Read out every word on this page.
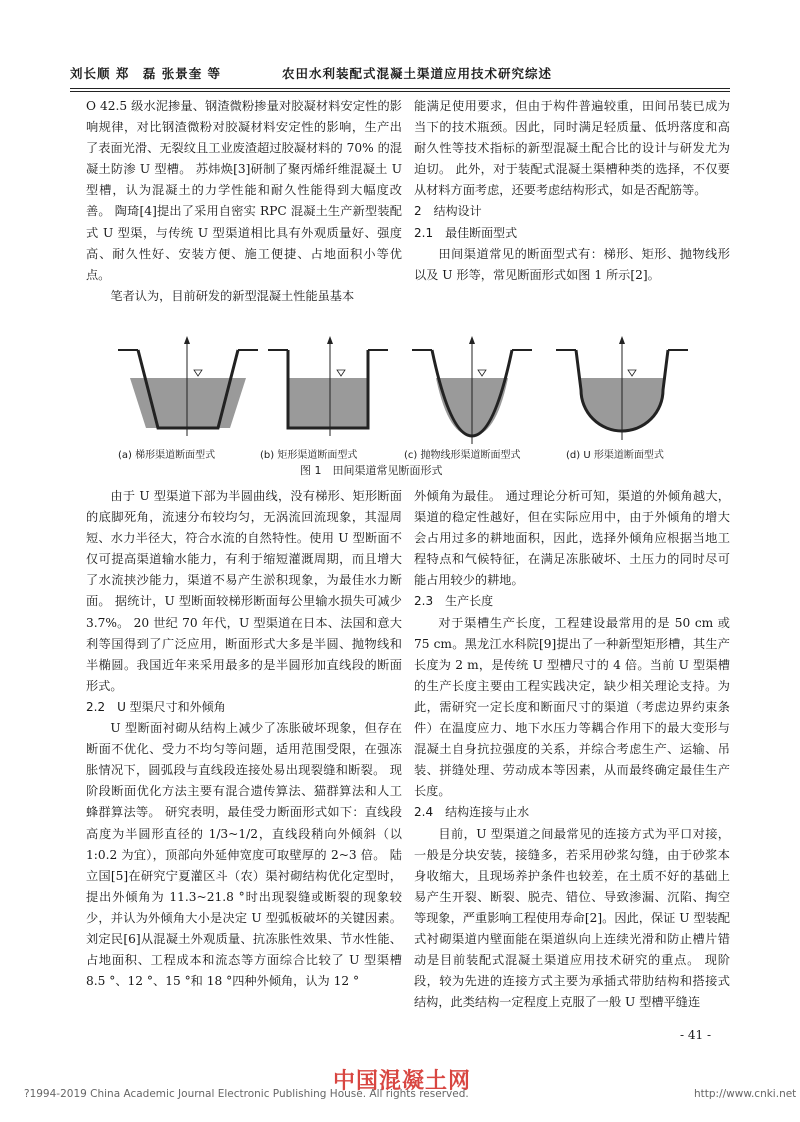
刘长顺 郑　磊 张景奎 等	农田水利装配式混凝土渠道应用技术研究综述

O 42.5 级水泥掺量、钢渣微粉掺量对胶凝材料安定性的影响规律，对比钢渣微粉对胶凝材料安定性的影响，生产出了表面光滑、无裂纹且工业废渣超过胶凝材料的 70% 的混凝土防渗 U 型槽。 苏炜焕[3]研制了聚丙烯纤维混凝土 U 型槽，认为混凝土的力学性能和耐久性能得到大幅度改善。 陶琦[4]提出了采用自密实 RPC 混凝土生产新型装配式 U 型渠，与传统 U 型渠道相比具有外观质量好、强度高、耐久性好、安装方便、施工便捷、占地面积小等优点。

笔者认为，目前研发的新型混凝土性能虽基本

能满足使用要求，但由于构件普遍较重，田间吊装已成为当下的技术瓶颈。因此，同时满足轻质量、低坍落度和高耐久性等技术指标的新型混凝土配合比的设计与研发尤为迫切。 此外，对于装配式混凝土渠槽种类的选择，不仅要从材料方面考虑，还要考虑结构形式，如是否配筋等。

2　结构设计

2.1　最佳断面型式

田间渠道常见的断面型式有：梯形、矩形、抛物线形以及 U 形等，常见断面形式如图 1 所示[2]。

(a) 梯形渠道断面型式	(b) 矩形渠道断面型式	(c) 抛物线形渠道断面型式	(d) U 形渠道断面型式
图 1　田间渠道常见断面形式

由于 U 型渠道下部为半圆曲线，没有梯形、矩形断面的底脚死角，流速分布较均匀，无涡流回流现象，其湿周短、水力半径大，符合水流的自然特性。使用 U 型断面不仅可提高渠道输水能力，有利于缩短灌溉周期，而且增大了水流挟沙能力，渠道不易产生淤积现象，为最佳水力断面。 据统计，U 型断面较梯形断面每公里输水损失可减少 3.7%。 20 世纪 70 年代，U 型渠道在日本、法国和意大利等国得到了广泛应用，断面形式大多是半圆、抛物线和半椭圆。我国近年来采用最多的是半圆形加直线段的断面形式。

2.2　U 型渠尺寸和外倾角

U 型断面衬砌从结构上减少了冻胀破坏现象，但存在断面不优化、受力不均匀等问题，适用范围受限，在强冻胀情况下，圆弧段与直线段连接处易出现裂缝和断裂。 现阶段断面优化方法主要有混合遗传算法、猫群算法和人工蜂群算法等。 研究表明，最佳受力断面形式如下：直线段高度为半圆形直径的 1/3~1/2，直线段稍向外倾斜（以 1:0.2 为宜），顶部向外延伸宽度可取壁厚的 2~3 倍。 陆立国[5]在研究宁夏灌区斗（农）渠衬砌结构优化定型时，提出外倾角为 11.3~21.8 °时出现裂缝或断裂的现象较少，并认为外倾角大小是决定 U 型弧板破坏的关键因素。 刘定民[6]从混凝土外观质量、抗冻胀性效果、节水性能、占地面积、工程成本和流态等方面综合比较了 U 型渠槽 8.5 °、12 °、15 °和 18 °四种外倾角，认为 12 °

外倾角为最佳。 通过理论分析可知，渠道的外倾角越大，渠道的稳定性越好，但在实际应用中，由于外倾角的增大会占用过多的耕地面积，因此，选择外倾角应根据当地工程特点和气候特征，在满足冻胀破坏、土压力的同时尽可能占用较少的耕地。

2.3　生产长度

对于渠槽生产长度，工程建设最常用的是 50 cm 或 75 cm。黑龙江水科院[9]提出了一种新型矩形槽，其生产长度为 2 m，是传统 U 型槽尺寸的 4 倍。当前 U 型渠槽的生产长度主要由工程实践决定，缺少相关理论支持。为此，需研究一定长度和断面尺寸的渠道（考虑边界约束条件）在温度应力、地下水压力等耦合作用下的最大变形与混凝土自身抗拉强度的关系，并综合考虑生产、运输、吊装、拼缝处理、劳动成本等因素，从而最终确定最佳生产长度。

2.4　结构连接与止水

目前，U 型渠道之间最常见的连接方式为平口对接，一般是分块安装，接缝多，若采用砂浆勾缝，由于砂浆本身收缩大，且现场养护条件也较差，在土质不好的基础上易产生开裂、断裂、脱壳、错位、导致渗漏、沉陷、掏空等现象，严重影响工程使用寿命[2]。因此，保证 U 型装配式衬砌渠道内壁面能在渠道纵向上连续光滑和防止槽片错动是目前装配式混凝土渠道应用技术研究的重点。 现阶段，较为先进的连接方式主要为承插式带肋结构和搭接式结构，此类结构一定程度上克服了一般 U 型槽平缝连

- 41 -
中国混凝土网
?1994-2019 China Academic Journal Electronic Publishing House. All rights reserved.	http://www.cnki.net
